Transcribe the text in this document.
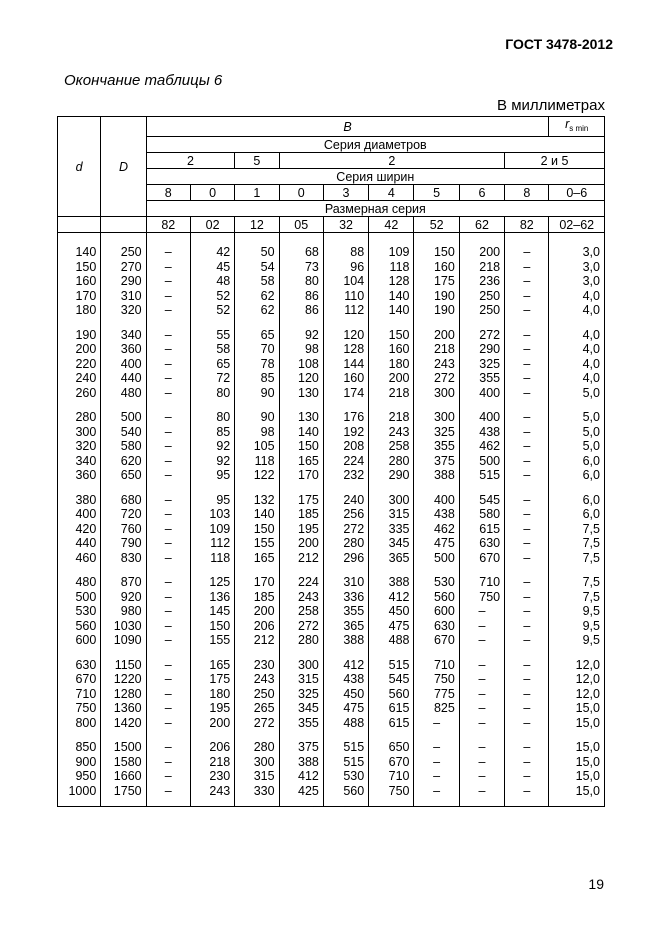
ГОСТ 3478-2012
Окончание таблицы 6
В миллиметрах
d	D	B									$r_{s min}$
		Серия диаметров									
		2		5	2					2 и 5	
		Серия ширин									
		8	0	1	0	3	4	5	6	8	0–6
		Размерная серия									
		82	02	12	05	32	42	52	62	82	02–62

140	250	–	42	50	68	88	109	150	200	–	3,0
150	270	–	45	54	73	96	118	160	218	–	3,0
160	290	–	48	58	80	104	128	175	236	–	3,0
170	310	–	52	62	86	110	140	190	250	–	4,0
180	320	–	52	62	86	112	140	190	250	–	4,0
190	340	–	55	65	92	120	150	200	272	–	4,0
200	360	–	58	70	98	128	160	218	290	–	4,0
220	400	–	65	78	108	144	180	243	325	–	4,0
240	440	–	72	85	120	160	200	272	355	–	4,0
260	480	–	80	90	130	174	218	300	400	–	5,0
280	500	–	80	90	130	176	218	300	400	–	5,0
300	540	–	85	98	140	192	243	325	438	–	5,0
320	580	–	92	105	150	208	258	355	462	–	5,0
340	620	–	92	118	165	224	280	375	500	–	6,0
360	650	–	95	122	170	232	290	388	515	–	6,0
380	680	–	95	132	175	240	300	400	545	–	6,0
400	720	–	103	140	185	256	315	438	580	–	6,0
420	760	–	109	150	195	272	335	462	615	–	7,5
440	790	–	112	155	200	280	345	475	630	–	7,5
460	830	–	118	165	212	296	365	500	670	–	7,5
480	870	–	125	170	224	310	388	530	710	–	7,5
500	920	–	136	185	243	336	412	560	750	–	7,5
530	980	–	145	200	258	355	450	600	–	–	9,5
560	1030	–	150	206	272	365	475	630	–	–	9,5
600	1090	–	155	212	280	388	488	670	–	–	9,5
630	1150	–	165	230	300	412	515	710	–	–	12,0
670	1220	–	175	243	315	438	545	750	–	–	12,0
710	1280	–	180	250	325	450	560	775	–	–	12,0
750	1360	–	195	265	345	475	615	825	–	–	15,0
800	1420	–	200	272	355	488	615	–	–	–	15,0
850	1500	–	206	280	375	515	650	–	–	–	15,0
900	1580	–	218	300	388	515	670	–	–	–	15,0
950	1660	–	230	315	412	530	710	–	–	–	15,0
1000	1750	–	243	330	425	560	750	–	–	–	15,0
19
